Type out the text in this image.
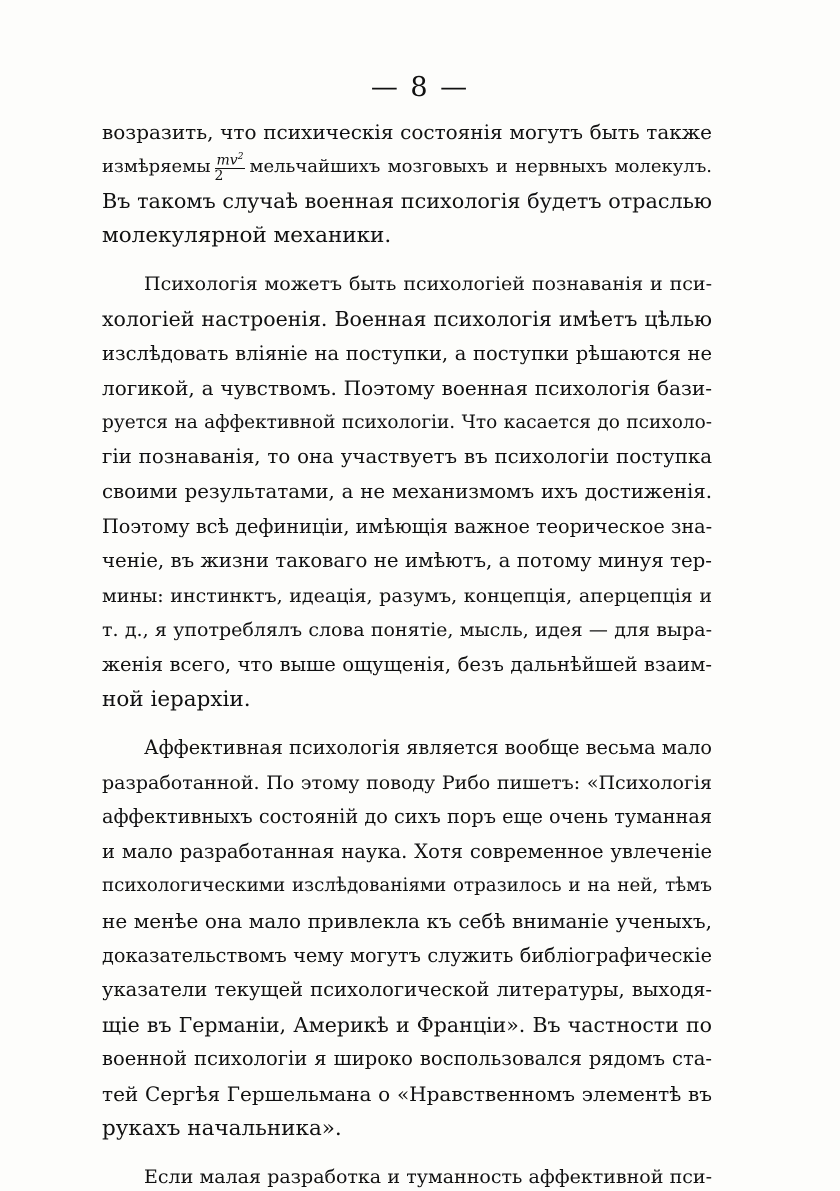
— 8 —
возразить, что психическія состоянія могутъ быть также
измѣряемы $\frac{mv^2}{2}$ мельчайшихъ мозговыхъ и нервныхъ молекулъ.
Въ такомъ случаѣ военная психологія будетъ отраслью
молекулярной механики.
Психологія можетъ быть психологіей познаванія и пси-
хологіей настроенія. Военная психологія имѣетъ цѣлью
изслѣдовать вліяніе на поступки, а поступки рѣшаются не
логикой, а чувствомъ. Поэтому военная психологія бази-
руется на аффективной психологіи. Что касается до психоло-
гіи познаванія, то она участвуетъ въ психологіи поступка
своими результатами, а не механизмомъ ихъ достиженія.
Поэтому всѣ дефиниціи, имѣющія важное теорическое зна-
ченіе, въ жизни таковаго не имѣютъ, а потому минуя тер-
мины: инстинктъ, идеація, разумъ, концепція, аперцепція и
т. д., я употреблялъ слова понятіе, мысль, идея — для выра-
женія всего, что выше ощущенія, безъ дальнѣйшей взаим-
ной іерархіи.
Аффективная психологія является вообще весьма мало
разработанной. По этому поводу Рибо пишетъ: «Психологія
аффективныхъ состояній до сихъ поръ еще очень туманная
и мало разработанная наука. Хотя современное увлеченіе
психологическими изслѣдованіями отразилось и на ней, тѣмъ
не менѣе она мало привлекла къ себѣ вниманіе ученыхъ,
доказательствомъ чему могутъ служить библіографическіе
указатели текущей психологической литературы, выходя-
щіе въ Германіи, Америкѣ и Франціи». Въ частности по
военной психологіи я широко воспользовался рядомъ ста-
тей Сергѣя Гершельмана о «Нравственномъ элементѣ въ
рукахъ начальника».
Если малая разработка и туманность аффективной пси-
